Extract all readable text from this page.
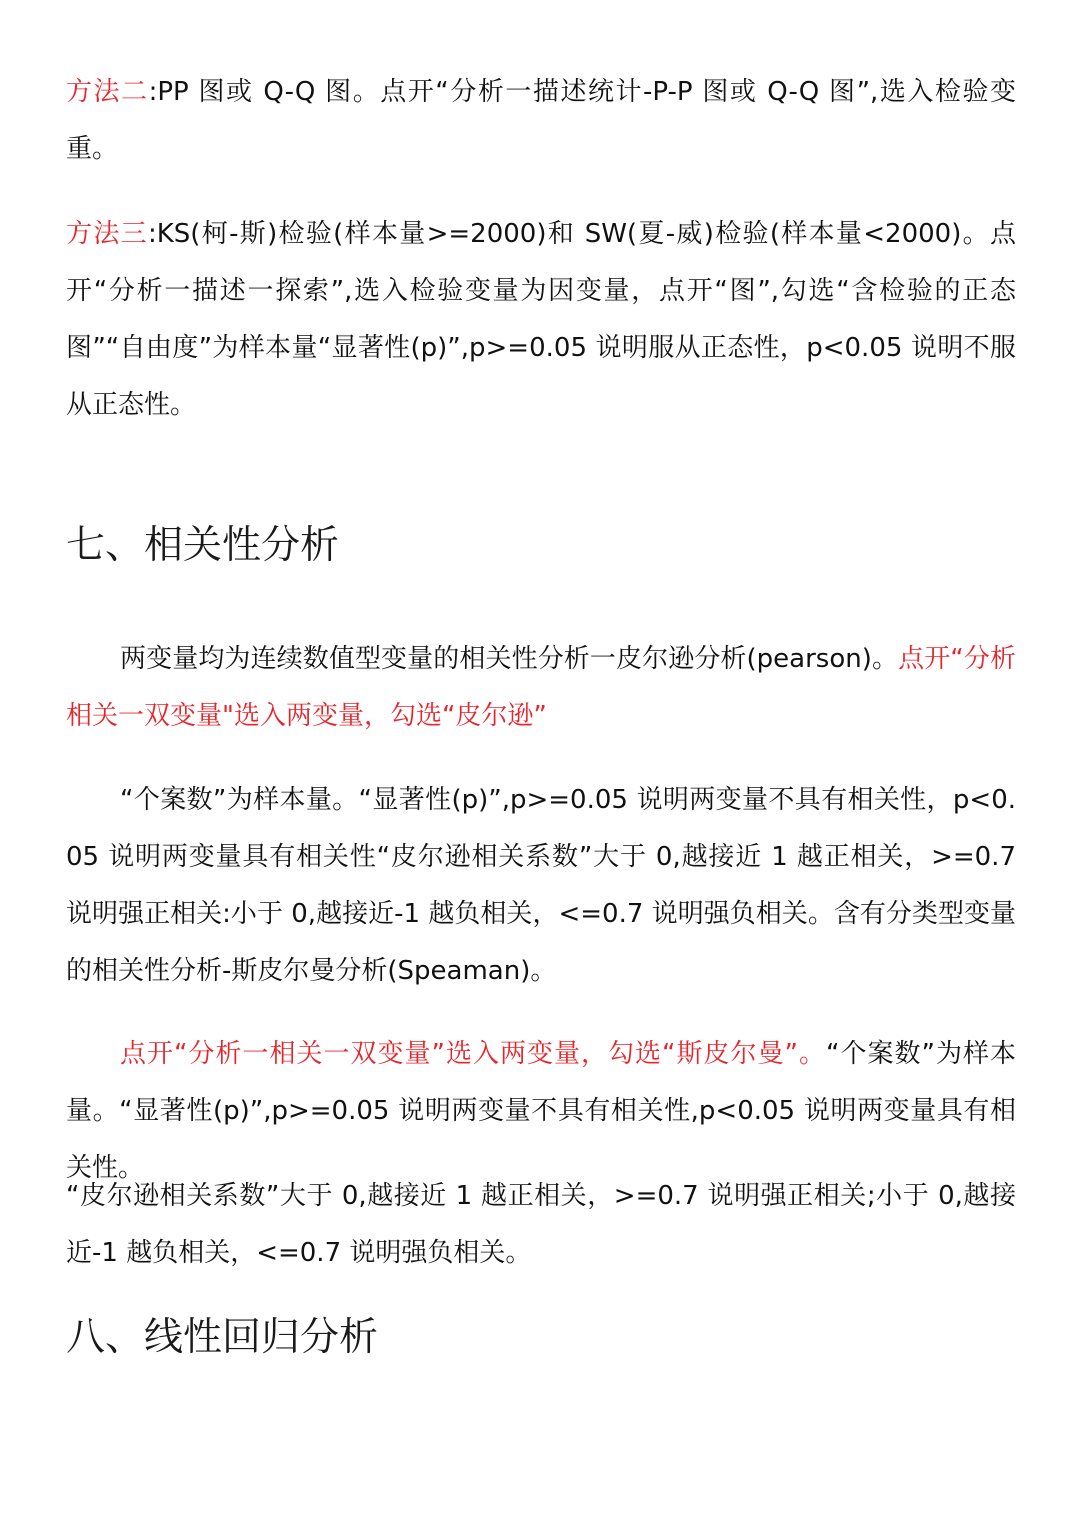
方法二:PP 图或 Q-Q 图。点开“分析一描述统计-P-P 图或 Q-Q 图”,选入检验变重。

方法三:KS(柯-斯)检验(样本量>=2000)和 SW(夏-威)检验(样本量<2000)。点开“分析一描述一探索”,选入检验变量为因变量，点开“图”,勾选“含检验的正态图”“自由度”为样本量“显著性(p)”,p>=0.05 说明服从正态性，p<0.05 说明不服从正态性。

七、相关性分析

两变量均为连续数值型变量的相关性分析一皮尔逊分析(pearson)。点开“分析相关一双变量"选入两变量，勾选“皮尔逊”

“个案数”为样本量。“显著性(p)”,p>=0.05 说明两变量不具有相关性，p<0.05 说明两变量具有相关性“皮尔逊相关系数”大于 0,越接近 1 越正相关，>=0.7 说明强正相关:小于 0,越接近-1 越负相关，<=0.7 说明强负相关。含有分类型变量的相关性分析-斯皮尔曼分析(Speaman)。

点开“分析一相关一双变量”选入两变量，勾选“斯皮尔曼”。“个案数”为样本量。“显著性(p)”,p>=0.05 说明两变量不具有相关性,p<0.05 说明两变量具有相关性。

“皮尔逊相关系数”大于 0,越接近 1 越正相关，>=0.7 说明强正相关;小于 0,越接近-1 越负相关，<=0.7 说明强负相关。

八、线性回归分析
